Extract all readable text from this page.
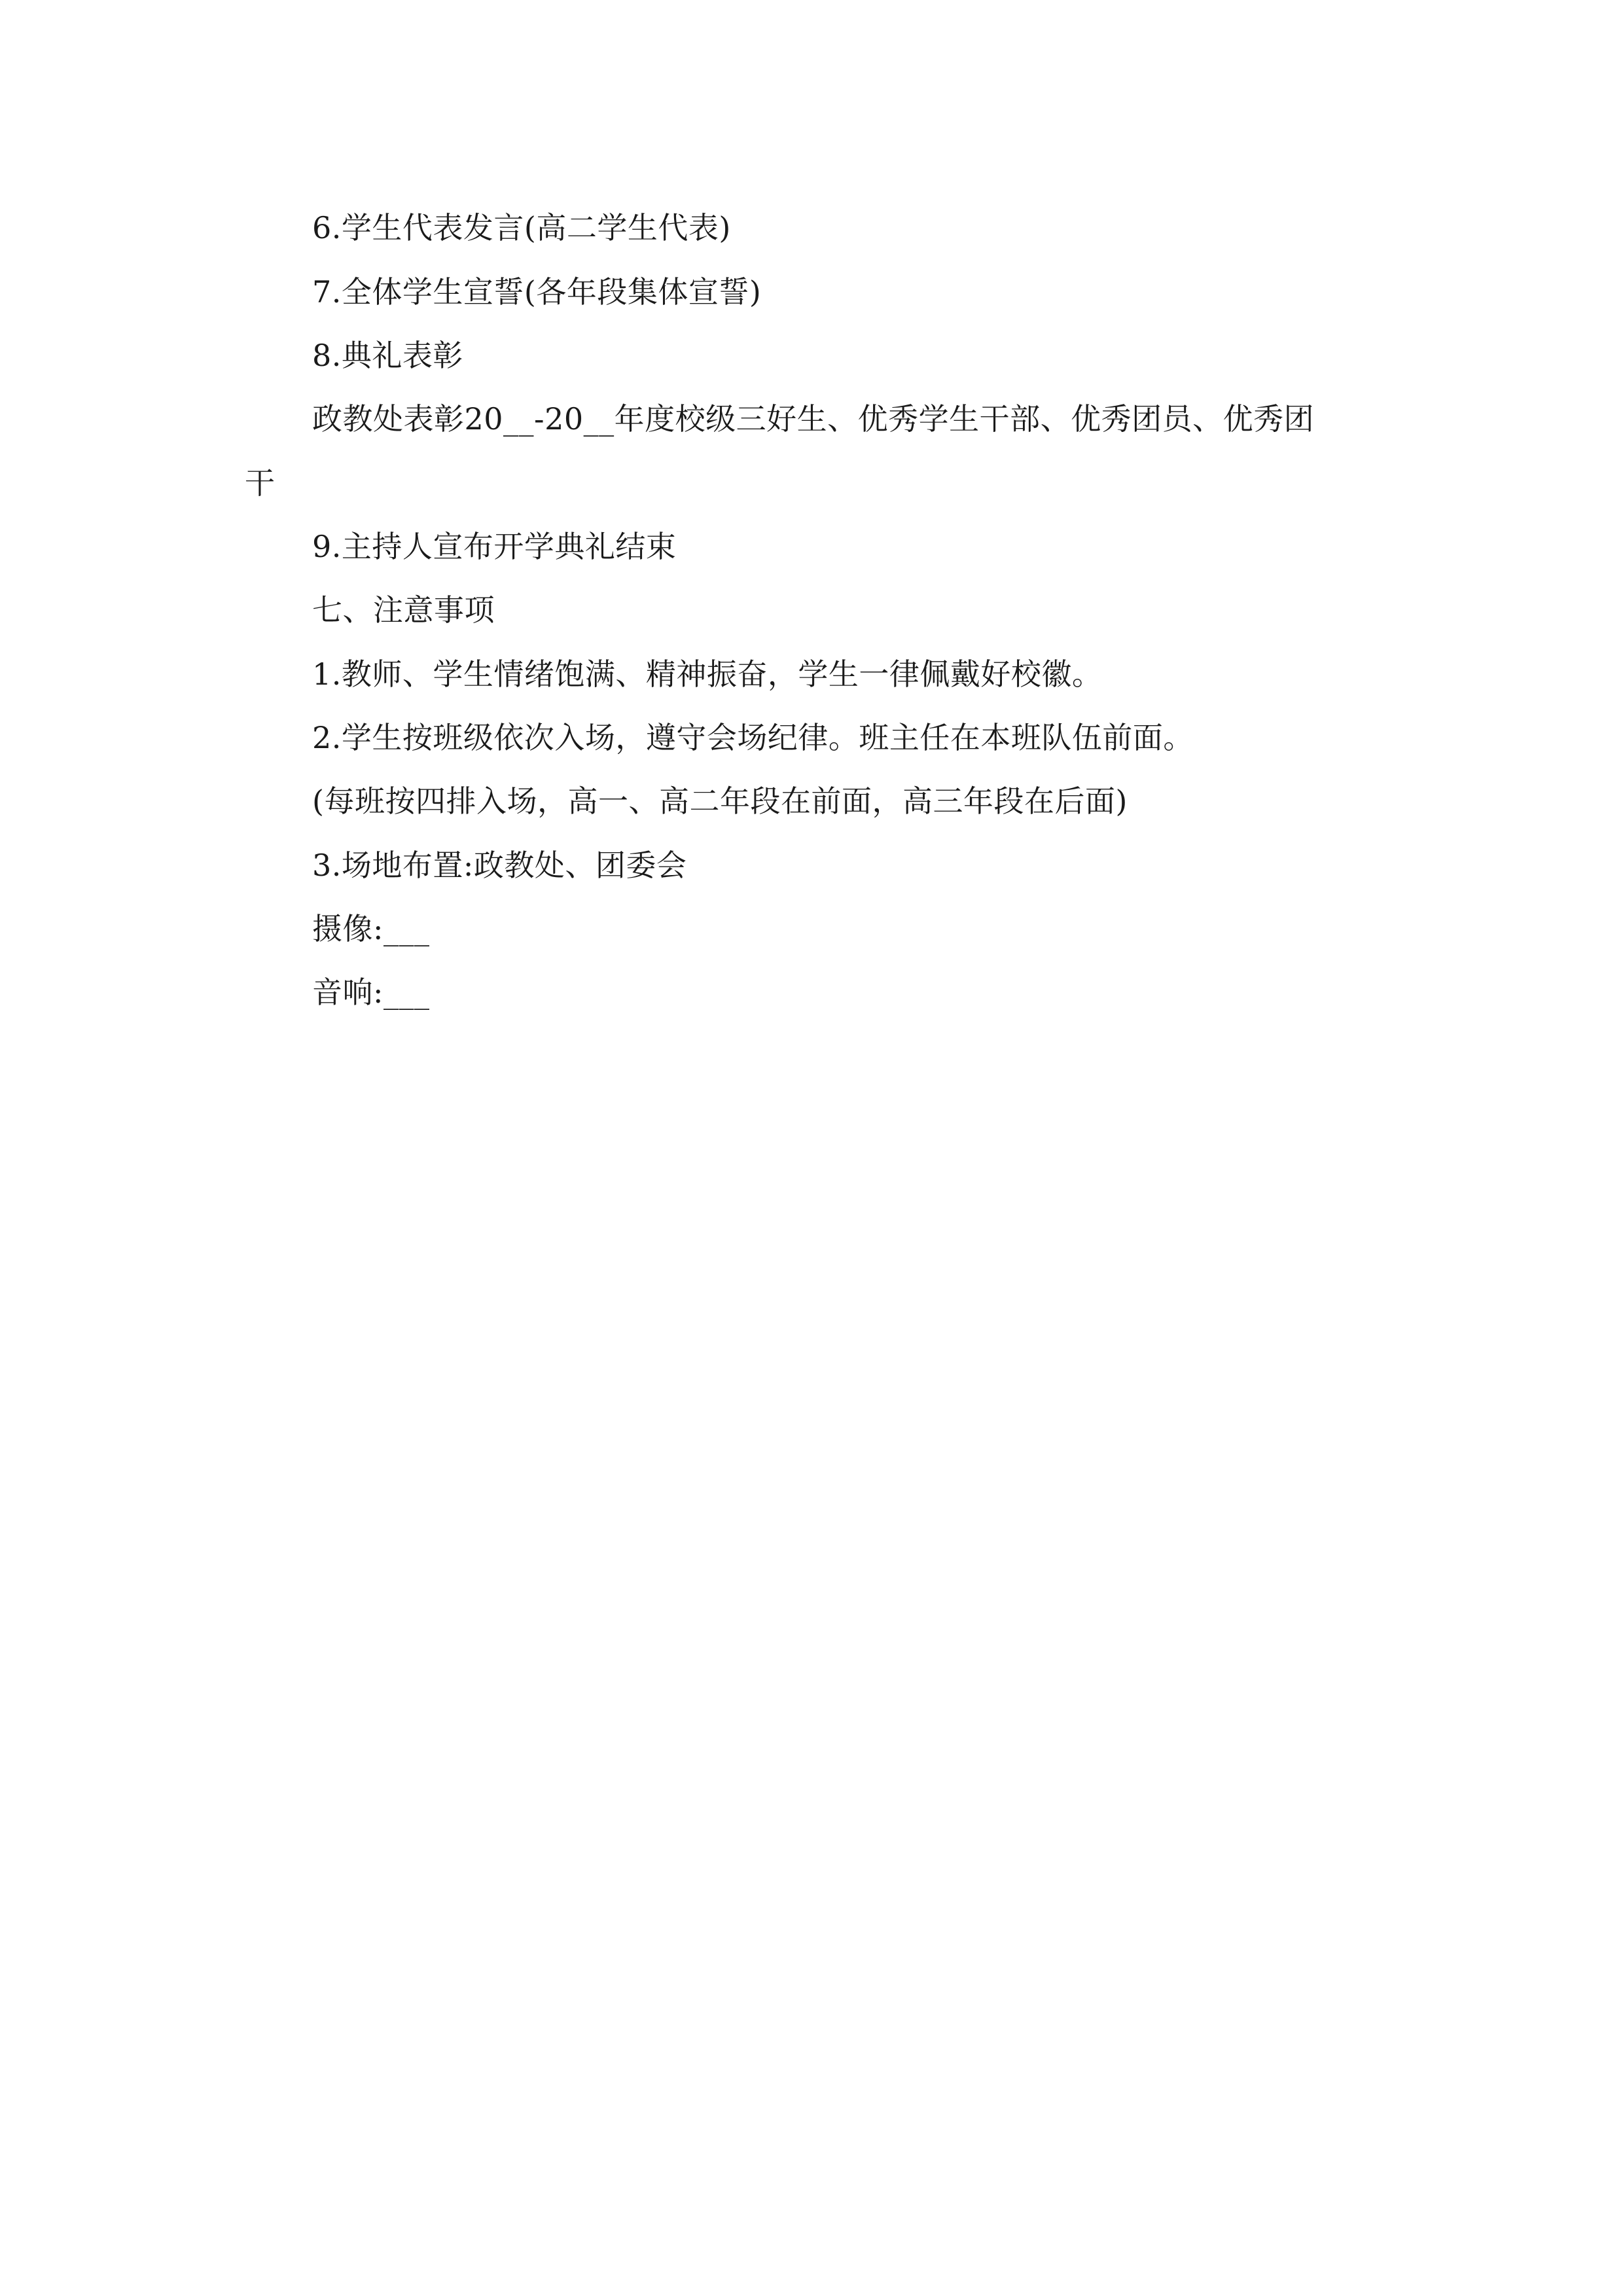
6.学生代表发言(高二学生代表)
7.全体学生宣誓(各年段集体宣誓)
8.典礼表彰
政教处表彰20__-20__年度校级三好生、优秀学生干部、优秀团员、优秀团
干
9.主持人宣布开学典礼结束
七、注意事项
1.教师、学生情绪饱满、精神振奋，学生一律佩戴好校徽。
2.学生按班级依次入场，遵守会场纪律。班主任在本班队伍前面。
(每班按四排入场，高一、高二年段在前面，高三年段在后面)
3.场地布置:政教处、团委会
摄像:___
音响:___
